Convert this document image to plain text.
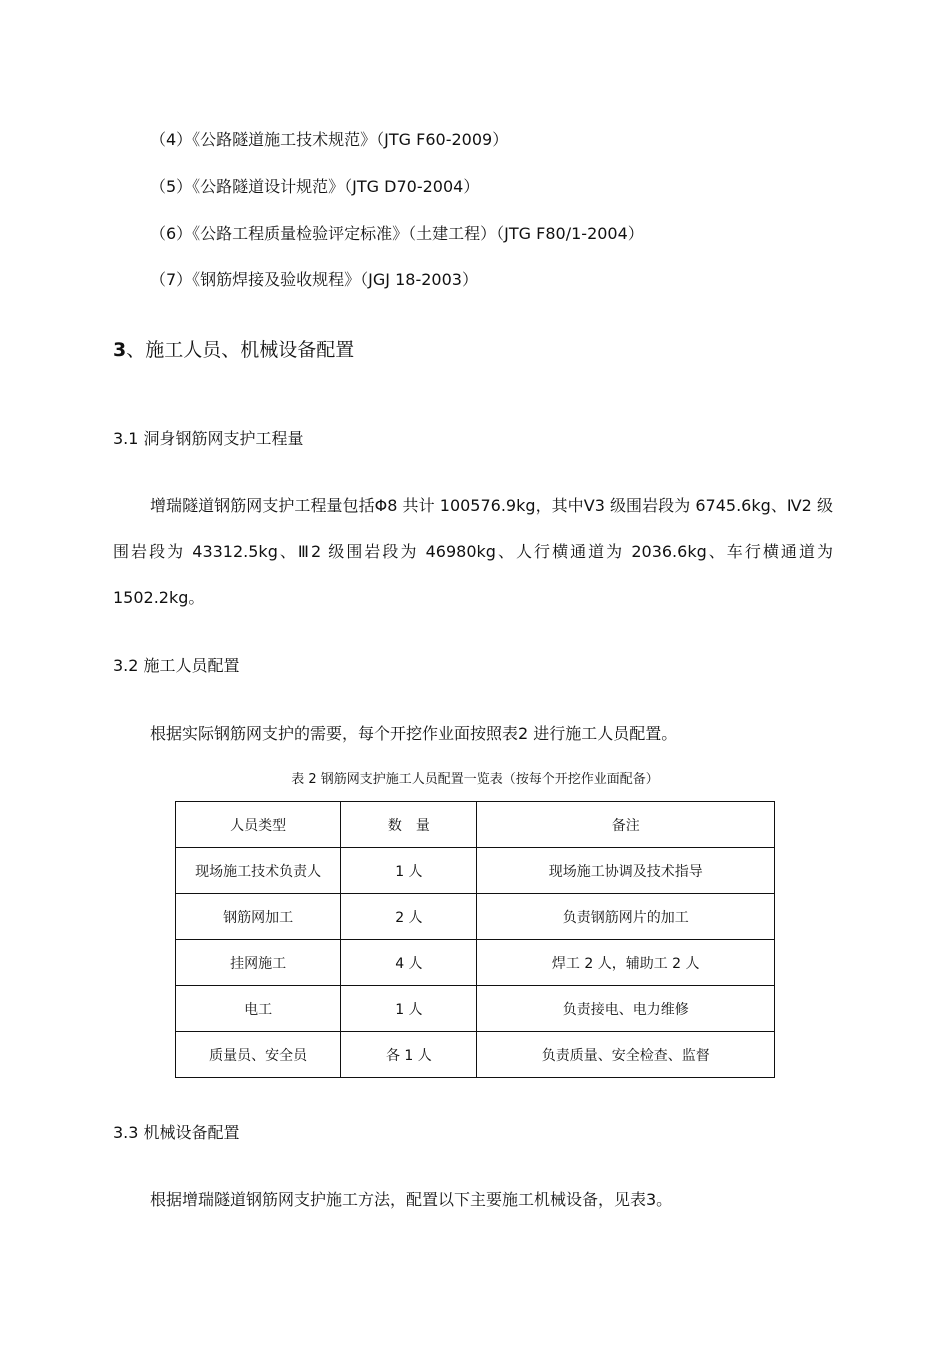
（4）《公路隧道施工技术规范》（JTG F60-2009）
（5）《公路隧道设计规范》（JTG D70-2004）
（6）《公路工程质量检验评定标准》（土建工程）（JTG F80/1-2004）
（7）《钢筋焊接及验收规程》（JGJ 18-2003）
3、施工人员、机械设备配置
3.1 洞身钢筋网支护工程量
增瑞隧道钢筋网支护工程量包括Φ8 共计 100576.9kg，其中Ⅴ3 级围岩段为 6745.6kg、Ⅳ2 级围岩段为 43312.5kg、Ⅲ2 级围岩段为 46980kg、人行横通道为 2036.6kg、车行横通道为 1502.2kg。
3.2 施工人员配置
根据实际钢筋网支护的需要，每个开挖作业面按照表2 进行施工人员配置。
表 2 钢筋网支护施工人员配置一览表（按每个开挖作业面配备）
人员类型	数　量	备注
现场施工技术负责人	1 人	现场施工协调及技术指导
钢筋网加工	2 人	负责钢筋网片的加工
挂网施工	4 人	焊工 2 人，辅助工 2 人
电工	1 人	负责接电、电力维修
质量员、安全员	各 1 人	负责质量、安全检查、监督
3.3 机械设备配置
根据增瑞隧道钢筋网支护施工方法，配置以下主要施工机械设备，见表3。
